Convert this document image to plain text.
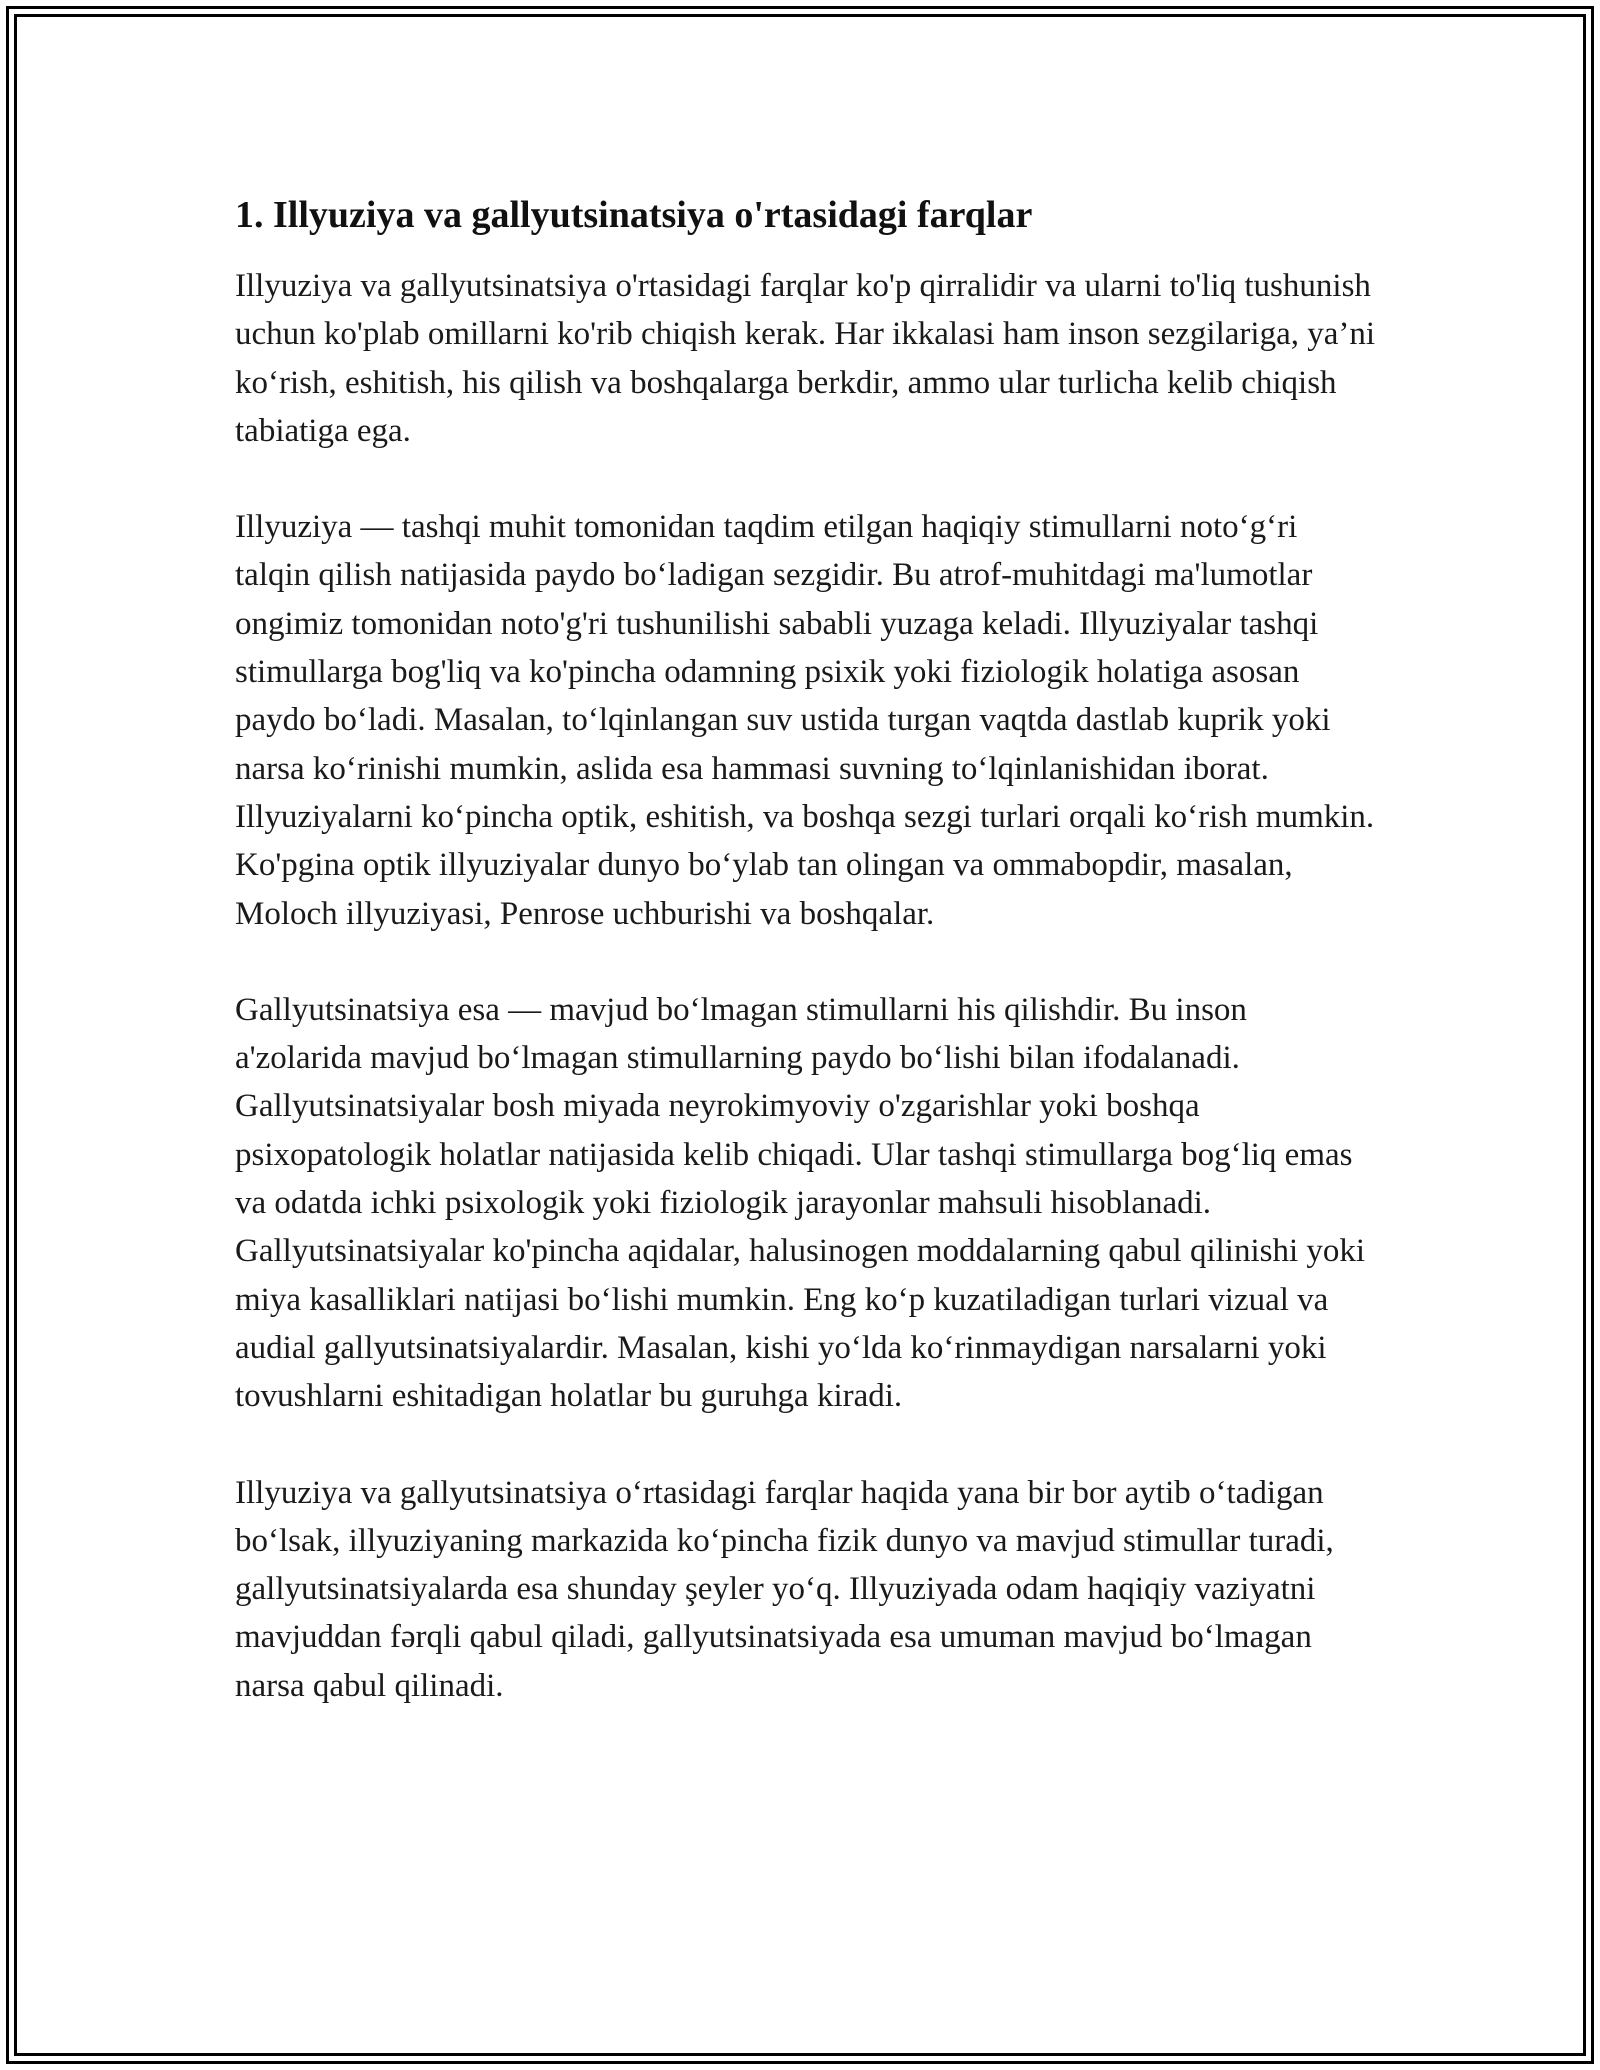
1. Illyuziya va gallyutsinatsiya o'rtasidagi farqlar

Illyuziya va gallyutsinatsiya o'rtasidagi farqlar ko'p qirralidir va ularni to'liq tushunish uchun ko'plab omillarni ko'rib chiqish kerak. Har ikkalasi ham inson sezgilariga, ya’ni ko‘rish, eshitish, his qilish va boshqalarga berkdir, ammo ular turlicha kelib chiqish tabiatiga ega.

Illyuziya — tashqi muhit tomonidan taqdim etilgan haqiqiy stimullarni noto‘g‘ri talqin qilish natijasida paydo bo‘ladigan sezgidir. Bu atrof-muhitdagi ma'lumotlar ongimiz tomonidan noto'g'ri tushunilishi sababli yuzaga keladi. Illyuziyalar tashqi stimullarga bog'liq va ko'pincha odamning psixik yoki fiziologik holatiga asosan paydo bo‘ladi. Masalan, to‘lqinlangan suv ustida turgan vaqtda dastlab kuprik yoki narsa ko‘rinishi mumkin, aslida esa hammasi suvning to‘lqinlanishidan iborat. Illyuziyalarni ko‘pincha optik, eshitish, va boshqa sezgi turlari orqali ko‘rish mumkin. Ko'pgina optik illyuziyalar dunyo bo‘ylab tan olingan va ommabopdir, masalan, Moloch illyuziyasi, Penrose uchburishi va boshqalar.

Gallyutsinatsiya esa — mavjud bo‘lmagan stimullarni his qilishdir. Bu inson a'zolarida mavjud bo‘lmagan stimullarning paydo bo‘lishi bilan ifodalanadi. Gallyutsinatsiyalar bosh miyada neyrokimyoviy o'zgarishlar yoki boshqa psixopatologik holatlar natijasida kelib chiqadi. Ular tashqi stimullarga bog‘liq emas va odatda ichki psixologik yoki fiziologik jarayonlar mahsuli hisoblanadi. Gallyutsinatsiyalar ko'pincha aqidalar, halusinogen moddalarning qabul qilinishi yoki miya kasalliklari natijasi bo‘lishi mumkin. Eng ko‘p kuzatiladigan turlari vizual va audial gallyutsinatsiyalardir. Masalan, kishi yo‘lda ko‘rinmaydigan narsalarni yoki tovushlarni eshitadigan holatlar bu guruhga kiradi.

Illyuziya va gallyutsinatsiya o‘rtasidagi farqlar haqida yana bir bor aytib o‘tadigan bo‘lsak, illyuziyaning markazida ko‘pincha fizik dunyo va mavjud stimullar turadi, gallyutsinatsiyalarda esa shunday şeyler yo‘q. Illyuziyada odam haqiqiy vaziyatni mavjuddan fərqli qabul qiladi, gallyutsinatsiyada esa umuman mavjud bo‘lmagan narsa qabul qilinadi.
